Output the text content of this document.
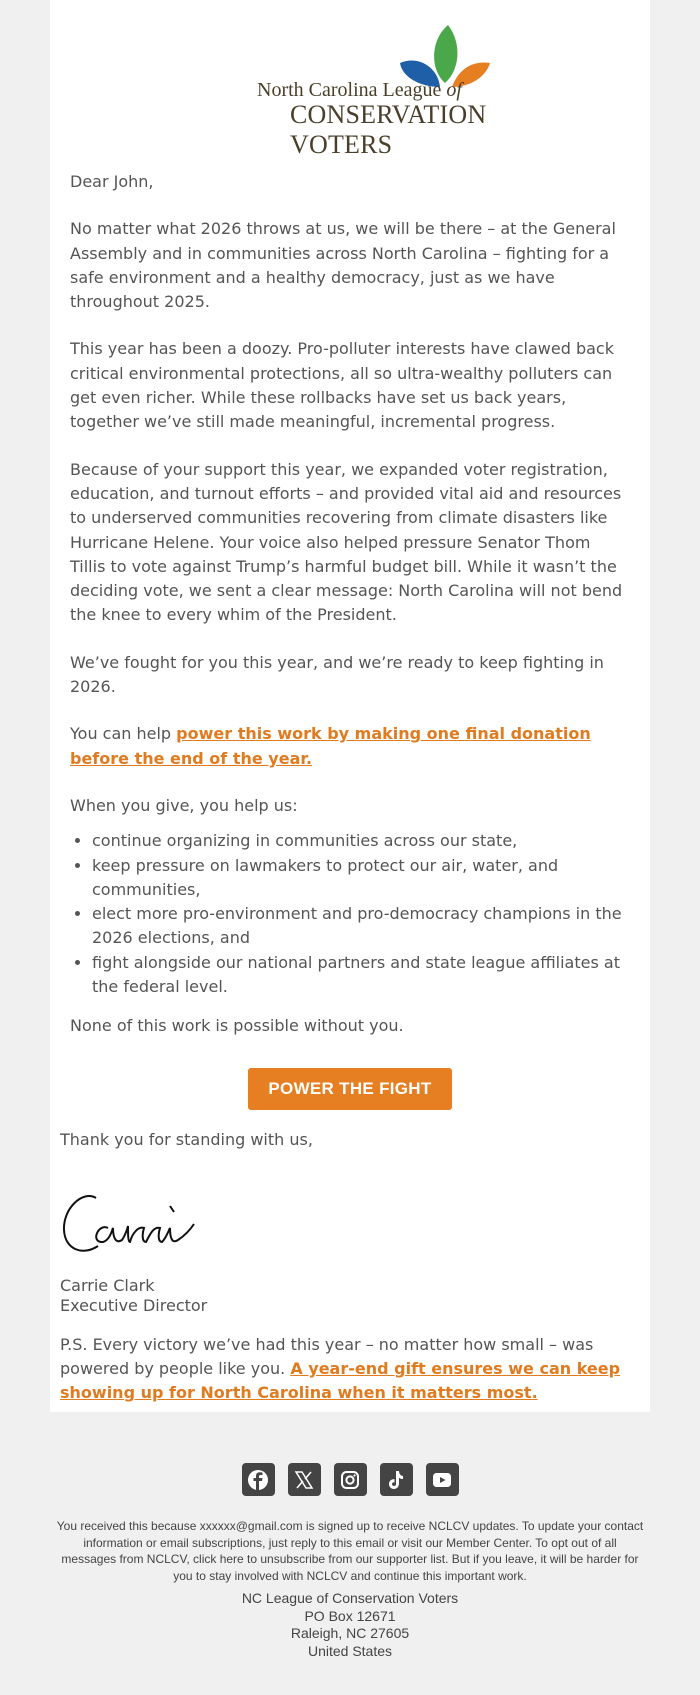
North Carolina League of
CONSERVATION VOTERS

Dear John,

No matter what 2026 throws at us, we will be there – at the General Assembly and in communities across North Carolina – fighting for a safe environment and a healthy democracy, just as we have throughout 2025.

This year has been a doozy. Pro-polluter interests have clawed back critical environmental protections, all so ultra-wealthy polluters can get even richer. While these rollbacks have set us back years, together we’ve still made meaningful, incremental progress.

Because of your support this year, we expanded voter registration, education, and turnout efforts – and provided vital aid and resources to underserved communities recovering from climate disasters like Hurricane Helene. Your voice also helped pressure Senator Thom Tillis to vote against Trump’s harmful budget bill. While it wasn’t the deciding vote, we sent a clear message: North Carolina will not bend the knee to every whim of the President.

We’ve fought for you this year, and we’re ready to keep fighting in 2026.

You can help power this work by making one final donation before the end of the year.

When you give, you help us:

• continue organizing in communities across our state,
• keep pressure on lawmakers to protect our air, water, and communities,
• elect more pro-environment and pro-democracy champions in the 2026 elections, and
• fight alongside our national partners and state league affiliates at the federal level.

None of this work is possible without you.

POWER THE FIGHT
Thank you for standing with us,
Carrie Clark
Executive Director
P.S. Every victory we’ve had this year – no matter how small – was powered by people like you. A year-end gift ensures we can keep showing up for North Carolina when it matters most.
You received this because xxxxxx@gmail.com is signed up to receive NCLCV updates. To update your contact information or email subscriptions, just reply to this email or visit our Member Center. To opt out of all messages from NCLCV, click here to unsubscribe from our supporter list. But if you leave, it will be harder for you to stay involved with NCLCV and continue this important work.
NC League of Conservation Voters
PO Box 12671
Raleigh, NC 27605
United States
